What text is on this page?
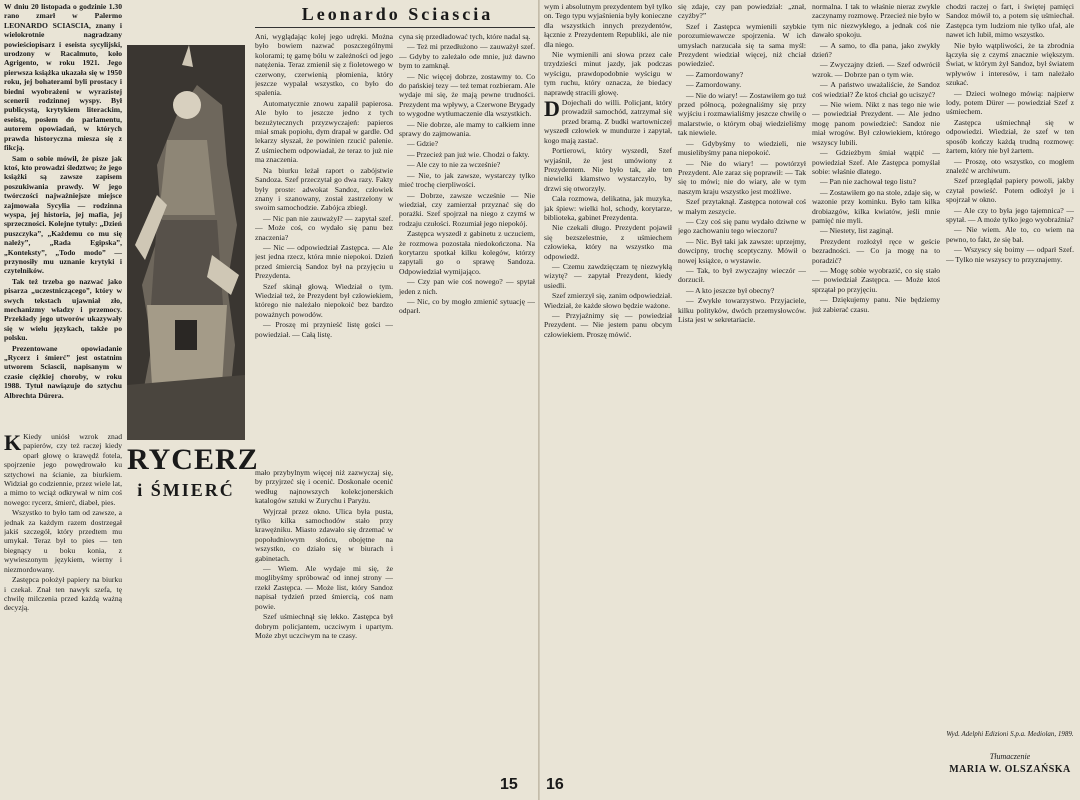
W dniu 20 listopada o godzinie 1.30 rano zmarł w Palermo LEONARDO SCIASCIA, znany i wielokrotnie nagradzany powieściopisarz i eseista sycylijski, urodzony w Racalmuto, koło Agrigento, w roku 1921. Jego pierwsza książka ukazała się w 1950 roku, jej bohaterami byli prostacy i biedni wyobrażeni w wyrazistej scenerii rodzinnej wyspy. Był publicystą, krytykiem literackim, eseistą, posłem do parlamentu, autorem opowiadań, w których prawda historyczna miesza się z fikcją.

Sam o sobie mówił, że pisze jak ktoś, kto prowadzi śledztwo; że jego książki są zawsze zapisem poszukiwania prawdy. W jego twórczości najważniejsze miejsce zajmowała Sycylia — rodzinna wyspa, jej historia, jej mafia, jej sprzeczności. Kolejne tytuły: „Dzień puszczyka”, „Każdemu co mu się należy”, „Rada Egipska”, „Konteksty”, „Todo modo” — przynosiły mu uznanie krytyki i czytelników.

Tak też trzeba go nazwać jako pisarza „uczestniczącego”, który w swych tekstach ujawniał zło, mechanizmy władzy i przemocy. Przekłady jego utworów ukazywały się w wielu językach, także po polsku.

Prezentowane opowiadanie „Rycerz i śmierć” jest ostatnim utworem Sciascii, napisanym w czasie ciężkiej choroby, w roku 1988. Tytuł nawiązuje do sztychu Albrechta Dürera.

K Kiedy uniósł wzrok znad papierów, czy też raczej kiedy oparł głowę o krawędź fotela, spojrzenie jego powędrowało ku sztychowi na ścianie, za biurkiem. Widział go codziennie, przez wiele lat, a mimo to wciąż odkrywał w nim coś nowego: rycerz, śmierć, diabeł, pies.

Wszystko to było tam od zawsze, a jednak za każdym razem dostrzegał jakiś szczegół, który przedtem mu umykał. Teraz był to pies — ten biegnący u boku konia, z wywieszonym językiem, wierny i niezmordowany.

Zastępca położył papiery na biurku i czekał. Znał ten nawyk szefa, tę chwilę milczenia przed każdą ważną decyzją.

Leonardo Sciascia
RYCERZ
i ŚMIERĆ

Ani, wyglądając kolej jego udręki. Można było bowiem nazwać poszczególnymi kolorami; tę gamę bólu w zależności od jego natężenia. Teraz zmienił się z fioletowego w czerwony, czerwienią płomienia, który jeszcze wypalał wszystko, co było do spalenia.

Automatycznie znowu zapalił papierosa. Ale było to jeszcze jedno z tych bezużytecznych przyzwyczajeń: papieros miał smak popiołu, dym drapał w gardle. Od lekarzy słyszał, że powinien rzucić palenie. Z uśmiechem odpowiadał, że teraz to już nie ma znaczenia.

Na biurku leżał raport o zabójstwie Sandoza. Szef przeczytał go dwa razy. Fakty były proste: adwokat Sandoz, człowiek znany i szanowany, został zastrzelony w swoim samochodzie. Zabójca zbiegł.

— Nic pan nie zauważył? — zapytał szef. — Może coś, co wydało się panu bez znaczenia?

— Nic — odpowiedział Zastępca. — Ale jest jedna rzecz, która mnie niepokoi. Dzień przed śmiercią Sandoz był na przyjęciu u Prezydenta.

Szef skinął głową. Wiedział o tym. Wiedział też, że Prezydent był człowiekiem, którego nie należało niepokoić bez bardzo poważnych powodów.

— Proszę mi przynieść listę gości — powiedział. — Całą listę.

mało przybylnym więcej niż zazwyczaj się, by przyjrzeć się i ocenić. Doskonale ocenić według najnowszych kolekcjonerskich katalogów sztuki w Zurychu i Paryżu.

Wyjrzał przez okno. Ulica była pusta, tylko kilka samochodów stało przy krawężniku. Miasto zdawało się drzemać w popołudniowym słońcu, obojętne na wszystko, co działo się w biurach i gabinetach.

— Wiem. Ale wydaje mi się, że moglibyśmy spróbować od innej strony — rzekł Zastępca. — Może list, który Sandoz napisał tydzień przed śmiercią, coś nam powie.

Szef uśmiechnął się lekko. Zastępca był dobrym policjantem, uczciwym i upartym. Może zbyt uczciwym na te czasy.

cyna się przedładować tych, które nadal są.

— Też mi przedłużono — zauważył szef. — Gdyby to zależało ode mnie, już dawno bym to zamknął.

— Nic więcej dobrze, zostawmy to. Co do pańskiej tezy — też temat rozbieram. Ale wydaje mi się, że mają pewne trudności. Prezydent ma wpływy, a Czerwone Brygady to wygodne wytłumaczenie dla wszystkich.

— Nie dobrze, ale mamy to całkiem inne sprawy do zajmowania.

— Gdzie?

— Przecież pan już wie. Chodzi o fakty.

— Ale czy to nie za wcześnie?

— Nie, to jak zawsze, wystarczy tylko mieć trochę cierpliwości.

— Dobrze, zawsze wcześnie — Nie wiedział, czy zamierzał przyznać się do porażki. Szef spojrzał na niego z czymś w rodzaju czułości. Rozumiał jego niepokój.

Zastępca wyszedł z gabinetu z uczuciem, że rozmowa pozostała niedokończona. Na korytarzu spotkał kilku kolegów, którzy zapytali go o sprawę Sandoza. Odpowiedział wymijająco.

— Czy pan wie coś nowego? — spytał jeden z nich.

— Nic, co by mogło zmienić sytuację — odparł.

15

wym i absolutnym prezydentem był tylko on. Tego typu wyjaśnienia były konieczne dla wszystkich innych prezydentów, łącznie z Prezydentem Republiki, ale nie dla niego.

Nie wymienili ani słowa przez całe trzydzieści minut jazdy, jak podczas wyścigu, prawdopodobnie wyścigu w tym ruchu, który oznacza, że biedacy naprawdę stracili głowę.

D Dojechali do willi. Policjant, który prowadził samochód, zatrzymał się przed bramą. Z budki wartowniczej wyszedł człowiek w mundurze i zapytał, kogo mają zastać.

Portierowi, który wyszedł, Szef wyjaśnił, że jest umówiony z Prezydentem. Nie było tak, ale ten niewielki kłamstwo wystarczyło, by drzwi się otworzyły.

Cała rozmowa, delikatna, jak muzyka, jak śpiew: wielki hol, schody, korytarze, biblioteka, gabinet Prezydenta.

Nie czekali długo. Prezydent pojawił się bezszelestnie, z uśmiechem człowieka, który na wszystko ma odpowiedź.

— Czemu zawdzięczam tę niezwykłą wizytę? — zapytał Prezydent, kiedy usiedli.

Szef zmierzył się, zanim odpowiedział. Wiedział, że każde słowo będzie ważone.

— Przyjaźnimy się — powiedział Prezydent. — Nie jestem panu obcym człowiekiem. Proszę mówić.

się zdaje, czy pan powiedział: „znał, czyżby?”

Szef i Zastępca wymienili szybkie porozumiewawcze spojrzenia. W ich umysłach narzucała się ta sama myśl: Prezydent wiedział więcej, niż chciał powiedzieć.

— Zamordowany?

— Zamordowany.

— Nie do wiary! — Zostawiłem go tuż przed północą, pożegnaliśmy się przy wyjściu i rozmawialiśmy jeszcze chwilę o malarstwie, o którym obaj wiedzieliśmy tak niewiele.

— Gdybyśmy to wiedzieli, nie musielibyśmy pana niepokoić.

— Nie do wiary! — powtórzył Prezydent. Ale zaraz się poprawił: — Tak się to mówi; nie do wiary, ale w tym naszym kraju wszystko jest możliwe.

Szef przytaknął. Zastępca notował coś w małym zeszycie.

— Czy coś się panu wydało dziwne w jego zachowaniu tego wieczoru?

— Nic. Był taki jak zawsze: uprzejmy, dowcipny, trochę sceptyczny. Mówił o nowej książce, o wystawie.

— Tak, to był zwyczajny wieczór — dorzucił.

— A kto jeszcze był obecny?

— Zwykłe towarzystwo. Przyjaciele, kilku polityków, dwóch przemysłowców. Lista jest w sekretariacie.

normalna. I tak to właśnie nieraz zwykle zaczynamy rozmowę. Przecież nie było w tym nic niezwykłego, a jednak coś nie dawało spokoju.

— A samo, to dla pana, jako zwykły dzień?

— Zwyczajny dzień. — Szef odwrócił wzrok. — Dobrze pan o tym wie.

— A państwo uważaliście, że Sandoz coś wiedział? Że ktoś chciał go uciszyć?

— Nie wiem. Nikt z nas tego nie wie — powiedział Prezydent. — Ale jedno mogę panom powiedzieć: Sandoz nie miał wrogów. Był człowiekiem, którego wszyscy lubili.

— Gdzieżbym śmiał wątpić — powiedział Szef. Ale Zastępca pomyślał sobie: właśnie dlatego.

— Pan nie zachował tego listu?

— Zostawiłem go na stole, zdaje się, w wazonie przy kominku. Było tam kilka drobiazgów, kilka kwiatów, jeśli mnie pamięć nie myli.

— Niestety, list zaginął.

Prezydent rozłożył ręce w geście bezradności. — Co ja mogę na to poradzić?

— Mogę sobie wyobrazić, co się stało — powiedział Zastępca. — Może ktoś sprzątał po przyjęciu.

— Dziękujemy panu. Nie będziemy już zabierać czasu.

chodzi raczej o fart, i świętej pamięci Sandoz mówił to, a potem się uśmiechał. Zastępca tym ludziom nie tylko ufał, ale nawet ich lubił, mimo wszystko.

Nie było wątpliwości, że ta zbrodnia łączyła się z czymś znacznie większym. Świat, w którym żył Sandoz, był światem wpływów i interesów, i tam należało szukać.

— Dzieci wolnego mówią: najpierw lody, potem Dürer — powiedział Szef z uśmiechem.

Zastępca uśmiechnął się w odpowiedzi. Wiedział, że szef w ten sposób kończy każdą trudną rozmowę: żartem, który nie był żartem.

— Proszę, oto wszystko, co mogłem znaleźć w archiwum.

Szef przeglądał papiery powoli, jakby czytał powieść. Potem odłożył je i spojrzał w okno.

— Ale czy to była jego tajemnica? — spytał. — A może tylko jego wyobraźnia?

— Nie wiem. Ale to, co wiem na pewno, to fakt, że się bał.

— Wszyscy się boimy — odparł Szef. — Tylko nie wszyscy to przyznajemy.

Wyd. Adelphi Edizioni S.p.a. Mediolan, 1989.
Tłumaczenie
MARIA W. OLSZAŃSKA
16
